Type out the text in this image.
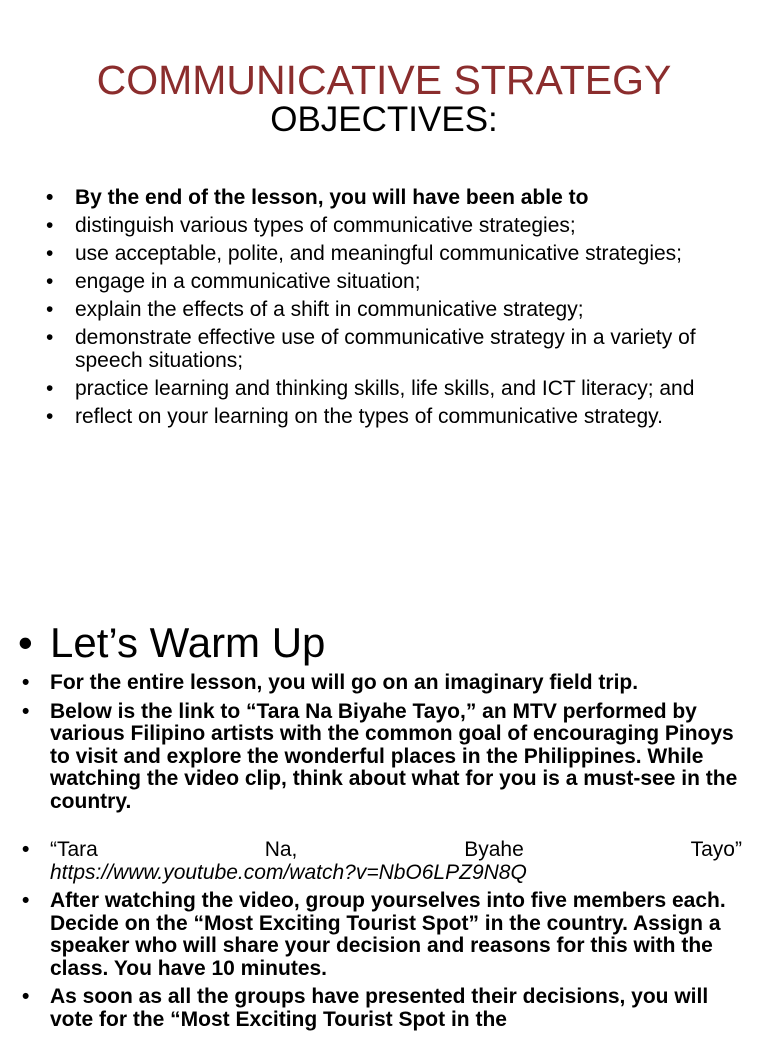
COMMUNICATIVE STRATEGY
OBJECTIVES:
• By the end of the lesson, you will have been able to
• distinguish various types of communicative strategies;
• use acceptable, polite, and meaningful communicative strategies;
• engage in a communicative situation;
• explain the effects of a shift in communicative strategy;
• demonstrate effective use of communicative strategy in a variety of speech situations;
• practice learning and thinking skills, life skills, and ICT literacy; and
• reflect on your learning on the types of communicative strategy.
• Let’s Warm Up
• For the entire lesson, you will go on an imaginary field trip.
• Below is the link to “Tara Na Biyahe Tayo,” an MTV performed by various Filipino artists with the common goal of encouraging Pinoys to visit and explore the wonderful places in the Philippines. While watching the video clip, think about what for you is a must-see in the country.
• “Tara	Na,	Byahe	Tayo”
https://www.youtube.com/watch?v=NbO6LPZ9N8Q
• After watching the video, group yourselves into five members each. Decide on the “Most Exciting Tourist Spot” in the country. Assign a speaker who will share your decision and reasons for this with the class. You have 10 minutes.
• As soon as all the groups have presented their decisions, you will vote for the “Most Exciting Tourist Spot in the
